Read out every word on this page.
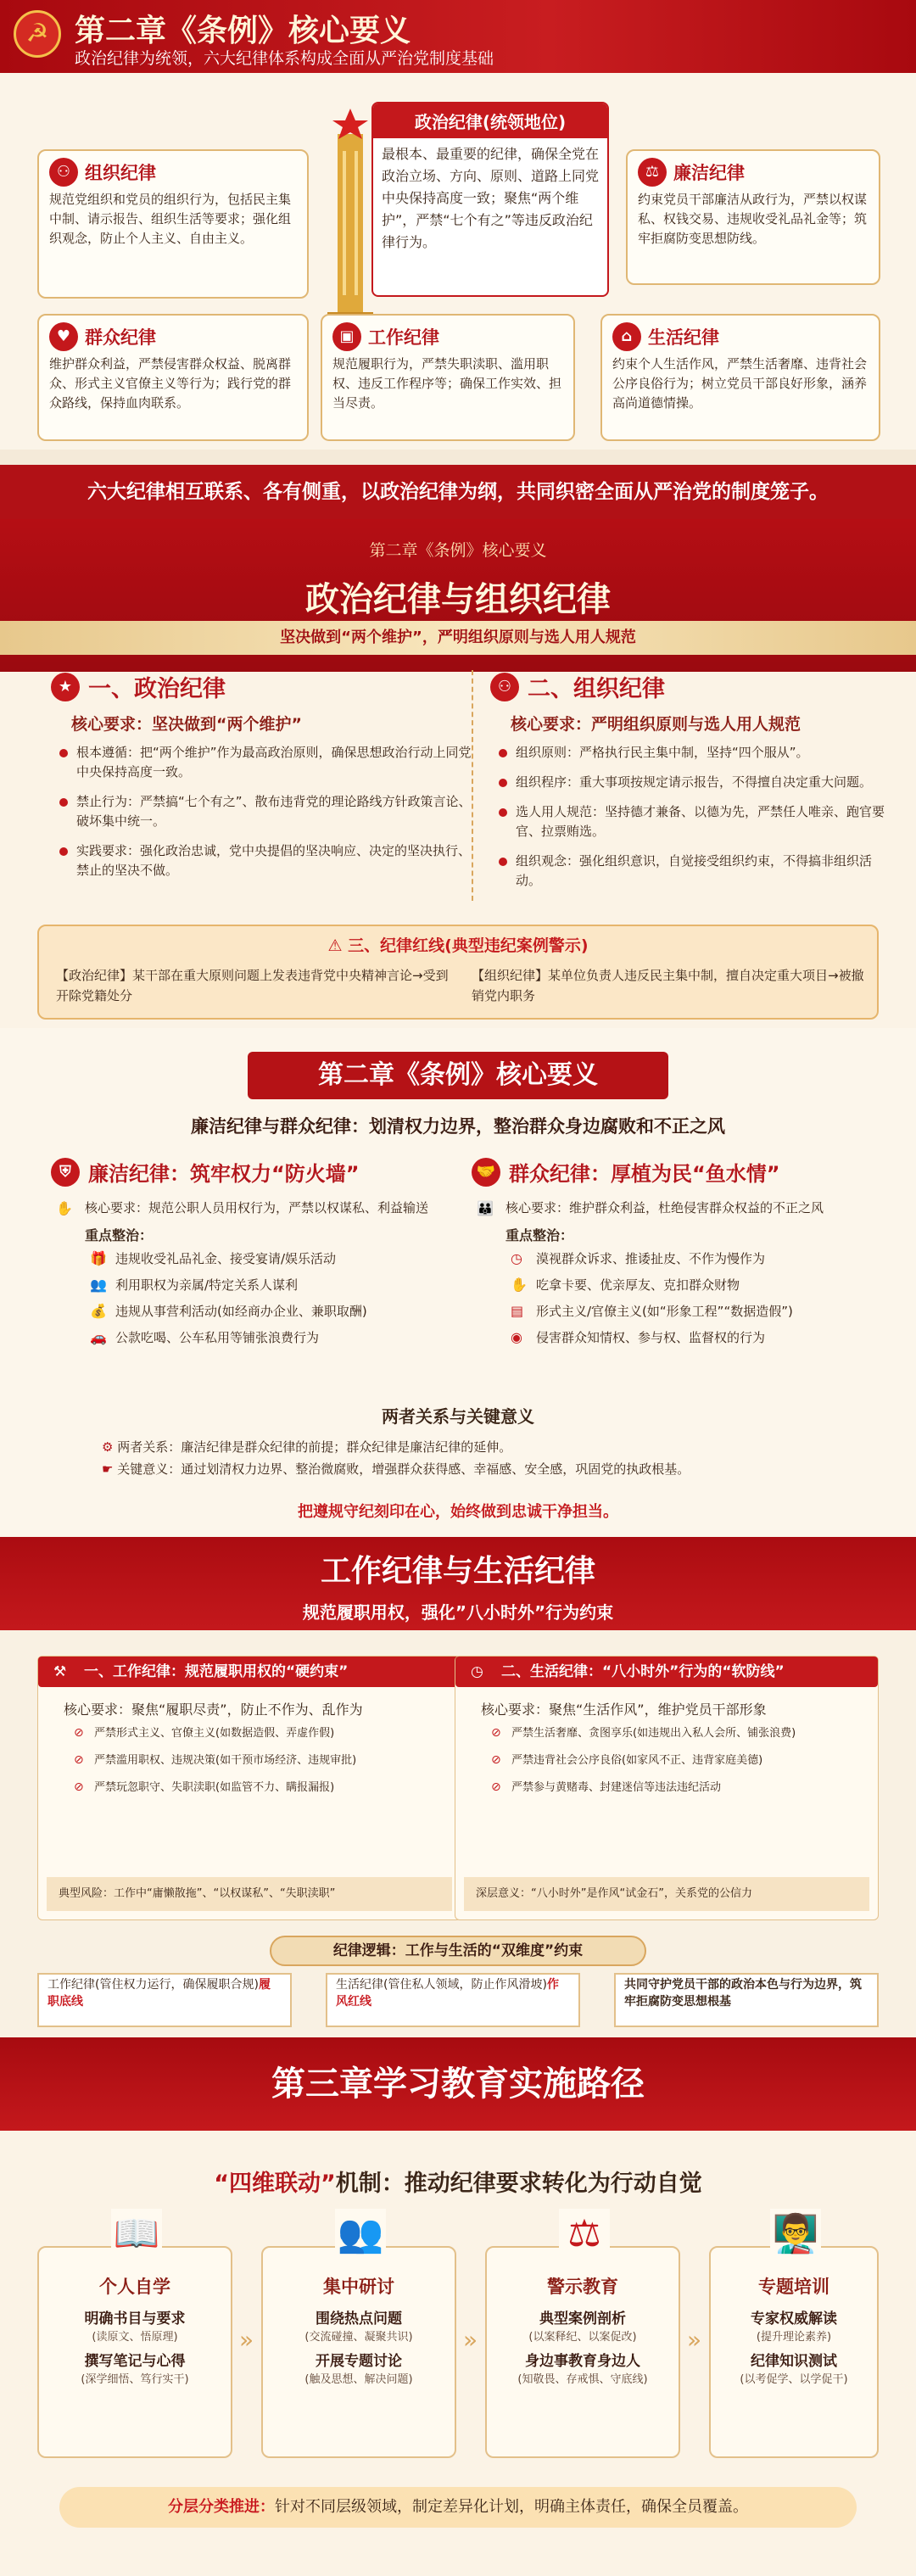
☭ 第二章《条例》核心要义
政治纪律为统领，六大纪律体系构成全面从严治党制度基础
政治纪律(统领地位)

最根本、最重要的纪律，确保全党在政治立场、方向、原则、道路上同党中央保持高度一致；聚焦“两个维护”，严禁“七个有之”等违反政治纪律行为。

⚇ 组织纪律

规范党组织和党员的组织行为，包括民主集中制、请示报告、组织生活等要求；强化组织观念，防止个人主义、自由主义。

⚖ 廉洁纪律

约束党员干部廉洁从政行为，严禁以权谋私、权钱交易、违规收受礼品礼金等；筑牢拒腐防变思想防线。

♥ 群众纪律

维护群众利益，严禁侵害群众权益、脱离群众、形式主义官僚主义等行为；践行党的群众路线，保持血肉联系。

▣ 工作纪律

规范履职行为，严禁失职渎职、滥用职权、违反工作程序等；确保工作实效、担当尽责。

⌂ 生活纪律

约束个人生活作风，严禁生活奢靡、违背社会公序良俗行为；树立党员干部良好形象，涵养高尚道德情操。

六大纪律相互联系、各有侧重，以政治纪律为纲，共同织密全面从严治党的制度笼子。
第二章《条例》核心要义
政治纪律与组织纪律
坚决做到“两个维护”，严明组织原则与选人用人规范
★ 一、政治纪律
核心要求：坚决做到“两个维护”
根本遵循：把“两个维护”作为最高政治原则，确保思想政治行动上同党中央保持高度一致。
禁止行为：严禁搞“七个有之”、散布违背党的理论路线方针政策言论、破坏集中统一。
实践要求：强化政治忠诚，党中央提倡的坚决响应、决定的坚决执行、禁止的坚决不做。
⚇ 二、组织纪律
核心要求：严明组织原则与选人用人规范
组织原则：严格执行民主集中制，坚持“四个服从”。
组织程序：重大事项按规定请示报告，不得擅自决定重大问题。
选人用人规范：坚持德才兼备、以德为先，严禁任人唯亲、跑官要官、拉票贿选。
组织观念：强化组织意识，自觉接受组织约束，不得搞非组织活动。
⚠ 三、纪律红线(典型违纪案例警示)
【政治纪律】某干部在重大原则问题上发表违背党中央精神言论→受到开除党籍处分
【组织纪律】某单位负责人违反民主集中制，擅自决定重大项目→被撤销党内职务
第二章《条例》核心要义
廉洁纪律与群众纪律：划清权力边界，整治群众身边腐败和不正之风
⛨ 廉洁纪律：筑牢权力“防火墙”
✋ 核心要求：规范公职人员用权行为，严禁以权谋私、利益输送
重点整治：
🎁 违规收受礼品礼金、接受宴请/娱乐活动
👥 利用职权为亲属/特定关系人谋利
💰 违规从事营利活动(如经商办企业、兼职取酬)
🚗 公款吃喝、公车私用等铺张浪费行为
🤝 群众纪律：厚植为民“鱼水情”
👪 核心要求：维护群众利益，杜绝侵害群众权益的不正之风
重点整治：
◷ 漠视群众诉求、推诿扯皮、不作为慢作为
✋ 吃拿卡要、优亲厚友、克扣群众财物
▤ 形式主义/官僚主义(如“形象工程”“数据造假”)
◉ 侵害群众知情权、参与权、监督权的行为
两者关系与关键意义

⚙ 两者关系：廉洁纪律是群众纪律的前提；群众纪律是廉洁纪律的延伸。

☛ 关键意义：通过划清权力边界、整治微腐败，增强群众获得感、幸福感、安全感，巩固党的执政根基。

把遵规守纪刻印在心，始终做到忠诚干净担当。
工作纪律与生活纪律
规范履职用权，强化”八小时外”行为约束
⚒ 一、工作纪律：规范履职用权的“硬约束”
核心要求：聚焦“履职尽责”，防止不作为、乱作为
⊘ 严禁形式主义、官僚主义(如数据造假、弄虚作假)
⊘ 严禁滥用职权、违规决策(如干预市场经济、违规审批)
⊘ 严禁玩忽职守、失职渎职(如监管不力、瞒报漏报)
典型风险：工作中“庸懒散拖”、“以权谋私”、“失职渎职”
◷ 二、生活纪律：“八小时外”行为的“软防线”
核心要求：聚焦“生活作风”，维护党员干部形象
⊘ 严禁生活奢靡、贪图享乐(如违规出入私人会所、铺张浪费)
⊘ 严禁违背社会公序良俗(如家风不正、违背家庭美德)
⊘ 严禁参与黄赌毒、封建迷信等违法违纪活动
深层意义：“八小时外”是作风“试金石”，关系党的公信力
纪律逻辑：工作与生活的“双维度”约束
工作纪律(管住权力运行，确保履职合规)履职底线
生活纪律(管住私人领域，防止作风滑坡)作风红线
共同守护党员干部的政治本色与行为边界，筑牢拒腐防变思想根基
第三章学习教育实施路径
“四维联动”机制：推动纪律要求转化为行动自觉
📖
个人自学
明确书目与要求
(读原文、悟原理)
撰写笔记与心得
(深学细悟、笃行实干)
»
👥
集中研讨
围绕热点问题
(交流碰撞、凝聚共识)
开展专题讨论
(触及思想、解决问题)
»
⚖
警示教育
典型案例剖析
(以案释纪、以案促改)
身边事教育身边人
(知敬畏、存戒惧、守底线)
»
👨‍🏫
专题培训
专家权威解读
(提升理论素养)
纪律知识测试
(以考促学、以学促干)
分层分类推进：针对不同层级领域，制定差异化计划，明确主体责任，确保全员覆盖。
